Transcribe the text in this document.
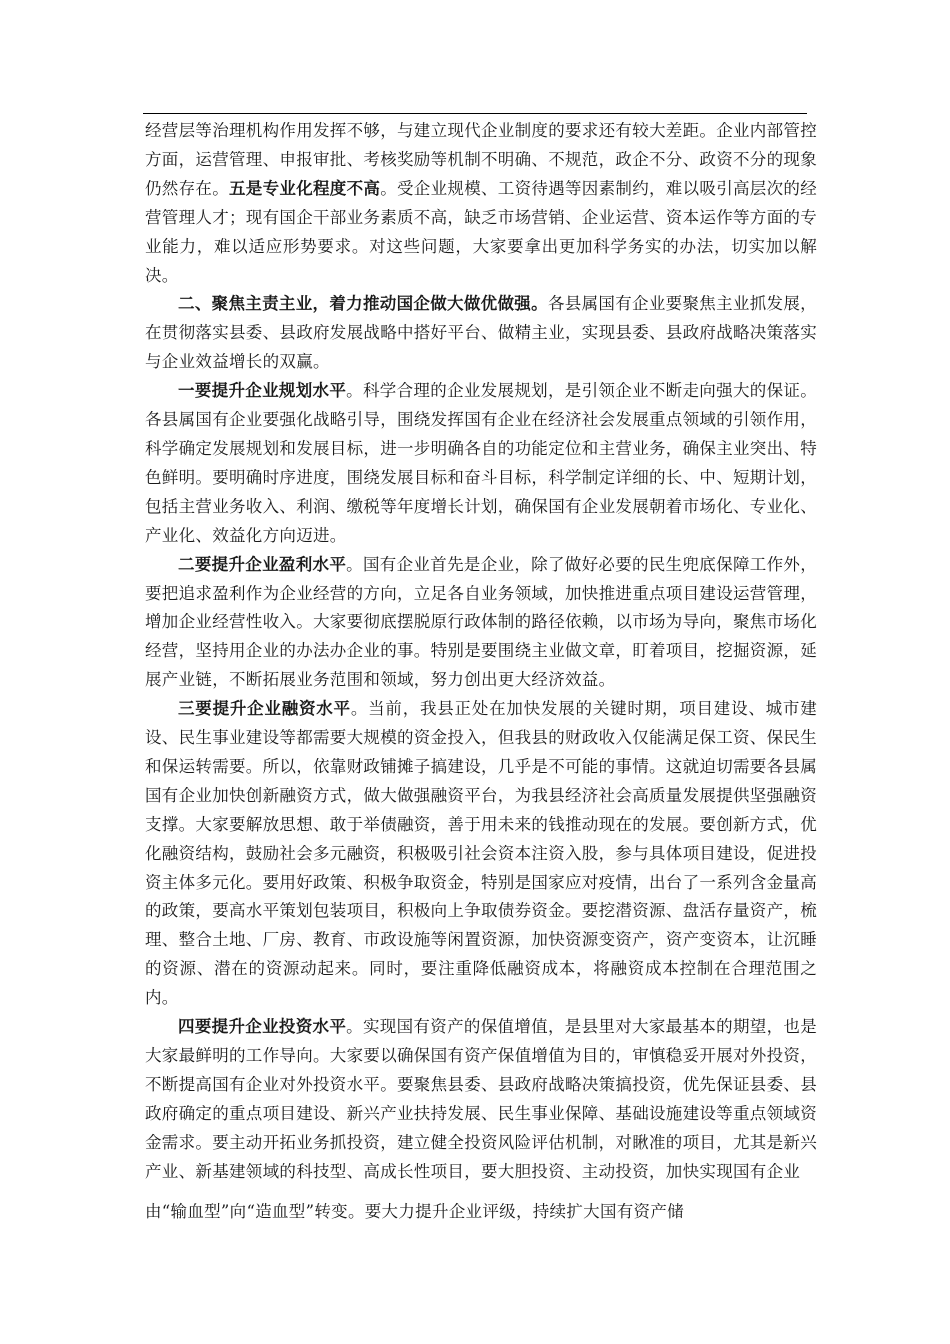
经营层等治理机构作用发挥不够，与建立现代企业制度的要求还有较大差距。企业内部管控方面，运营管理、申报审批、考核奖励等机制不明确、不规范，政企不分、政资不分的现象仍然存在。五是专业化程度不高。受企业规模、工资待遇等因素制约，难以吸引高层次的经营管理人才；现有国企干部业务素质不高，缺乏市场营销、企业运营、资本运作等方面的专业能力，难以适应形势要求。对这些问题，大家要拿出更加科学务实的办法，切实加以解决。

二、聚焦主责主业，着力推动国企做大做优做强。各县属国有企业要聚焦主业抓发展，在贯彻落实县委、县政府发展战略中搭好平台、做精主业，实现县委、县政府战略决策落实与企业效益增长的双赢。

一要提升企业规划水平。科学合理的企业发展规划，是引领企业不断走向强大的保证。各县属国有企业要强化战略引导，围绕发挥国有企业在经济社会发展重点领域的引领作用，科学确定发展规划和发展目标，进一步明确各自的功能定位和主营业务，确保主业突出、特色鲜明。要明确时序进度，围绕发展目标和奋斗目标，科学制定详细的长、中、短期计划，包括主营业务收入、利润、缴税等年度增长计划，确保国有企业发展朝着市场化、专业化、产业化、效益化方向迈进。

二要提升企业盈利水平。国有企业首先是企业，除了做好必要的民生兜底保障工作外，要把追求盈利作为企业经营的方向，立足各自业务领域，加快推进重点项目建设运营管理，增加企业经营性收入。大家要彻底摆脱原行政体制的路径依赖，以市场为导向，聚焦市场化经营，坚持用企业的办法办企业的事。特别是要围绕主业做文章，盯着项目，挖掘资源，延展产业链，不断拓展业务范围和领域，努力创出更大经济效益。

三要提升企业融资水平。当前，我县正处在加快发展的关键时期，项目建设、城市建设、民生事业建设等都需要大规模的资金投入，但我县的财政收入仅能满足保工资、保民生和保运转需要。所以，依靠财政铺摊子搞建设，几乎是不可能的事情。这就迫切需要各县属国有企业加快创新融资方式，做大做强融资平台，为我县经济社会高质量发展提供坚强融资支撑。大家要解放思想、敢于举债融资，善于用未来的钱推动现在的发展。要创新方式，优化融资结构，鼓励社会多元融资，积极吸引社会资本注资入股，参与具体项目建设，促进投资主体多元化。要用好政策、积极争取资金，特别是国家应对疫情，出台了一系列含金量高的政策，要高水平策划包装项目，积极向上争取债券资金。要挖潜资源、盘活存量资产，梳理、整合土地、厂房、教育、市政设施等闲置资源，加快资源变资产，资产变资本，让沉睡的资源、潜在的资源动起来。同时，要注重降低融资成本，将融资成本控制在合理范围之内。

四要提升企业投资水平。实现国有资产的保值增值，是县里对大家最基本的期望，也是大家最鲜明的工作导向。大家要以确保国有资产保值增值为目的，审慎稳妥开展对外投资，不断提高国有企业对外投资水平。要聚焦县委、县政府战略决策搞投资，优先保证县委、县政府确定的重点项目建设、新兴产业扶持发展、民生事业保障、基础设施建设等重点领域资金需求。要主动开拓业务抓投资，建立健全投资风险评估机制，对瞅准的项目，尤其是新兴产业、新基建领域的科技型、高成长性项目，要大胆投资、主动投资，加快实现国有企业

由“输血型”向“造血型”转变。要大力提升企业评级，持续扩大国有资产储
